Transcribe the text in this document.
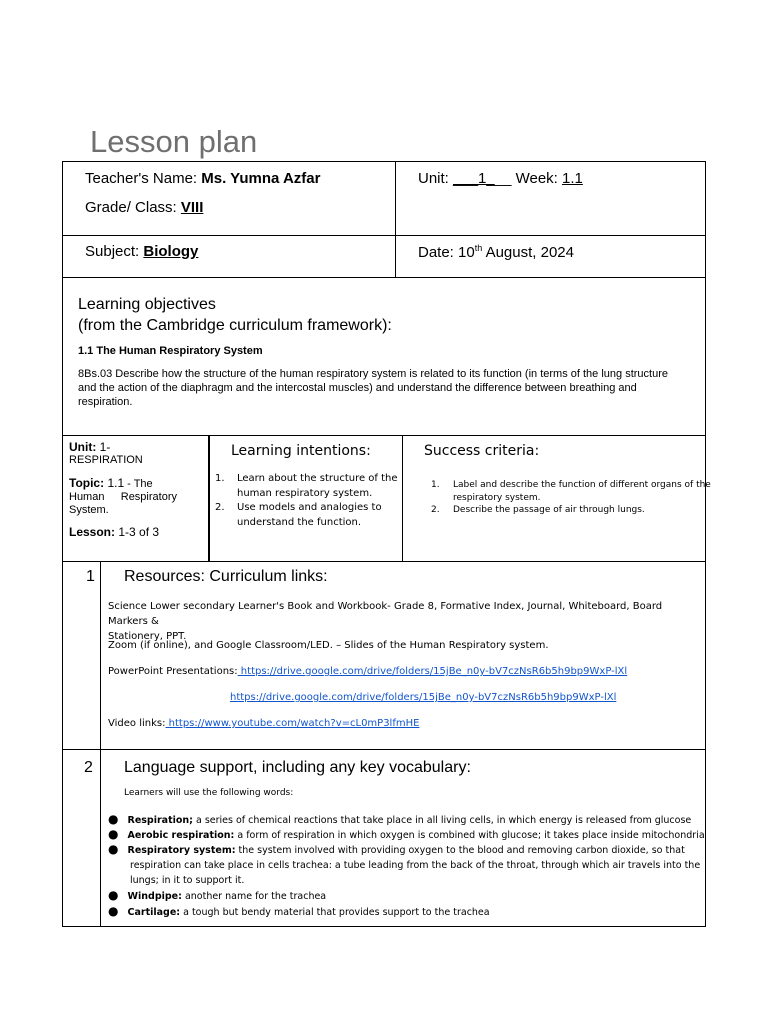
Lesson plan
Teacher's Name: Ms. Yumna Azfar
Grade/ Class: VIII
Unit: ___1___ Week: 1.1
Subject: Biology	Date: 10th August, 2024
Learning objectives
(from the Cambridge curriculum framework):
1.1 The Human Respiratory System
8Bs.03 Describe how the structure of the human respiratory system is related to its function (in terms of the lung structure and the action of the diaphragm and the intercostal muscles) and understand the difference between breathing and respiration.
Unit: 1-
RESPIRATION
Topic: 1.1 - The
Human Respiratory
System.
Lesson: 1-3 of 3
Learning intentions:
1. Learn about the structure of the
human respiratory system.
2. Use models and analogies to
understand the function.
Success criteria:
1. Label and describe the function of different organs of the
respiratory system.
2. Describe the passage of air through lungs.
1 Resources: Curriculum links:
Science Lower secondary Learner's Book and Workbook- Grade 8, Formative Index, Journal, Whiteboard, Board Markers &
Stationery, PPT.
Zoom (if online), and Google Classroom/LED. – Slides of the Human Respiratory system.
PowerPoint Presentations: https://drive.google.com/drive/folders/15jBe_n0y-bV7czNsR6b5h9bp9WxP-lXl
https://drive.google.com/drive/folders/15jBe_n0y-bV7czNsR6b5h9bp9WxP-lXl
Video links: https://www.youtube.com/watch?v=cL0mP3lfmHE
2 Language support, including any key vocabulary:
Learners will use the following words:
● Respiration; a series of chemical reactions that take place in all living cells, in which energy is released from glucose
● Aerobic respiration: a form of respiration in which oxygen is combined with glucose; it takes place inside mitochondria
● Respiratory system: the system involved with providing oxygen to the blood and removing carbon dioxide, so that
respiration can take place in cells trachea: a tube leading from the back of the throat, through which air travels into the
lungs; in it to support it.
● Windpipe: another name for the trachea
● Cartilage: a tough but bendy material that provides support to the trachea
